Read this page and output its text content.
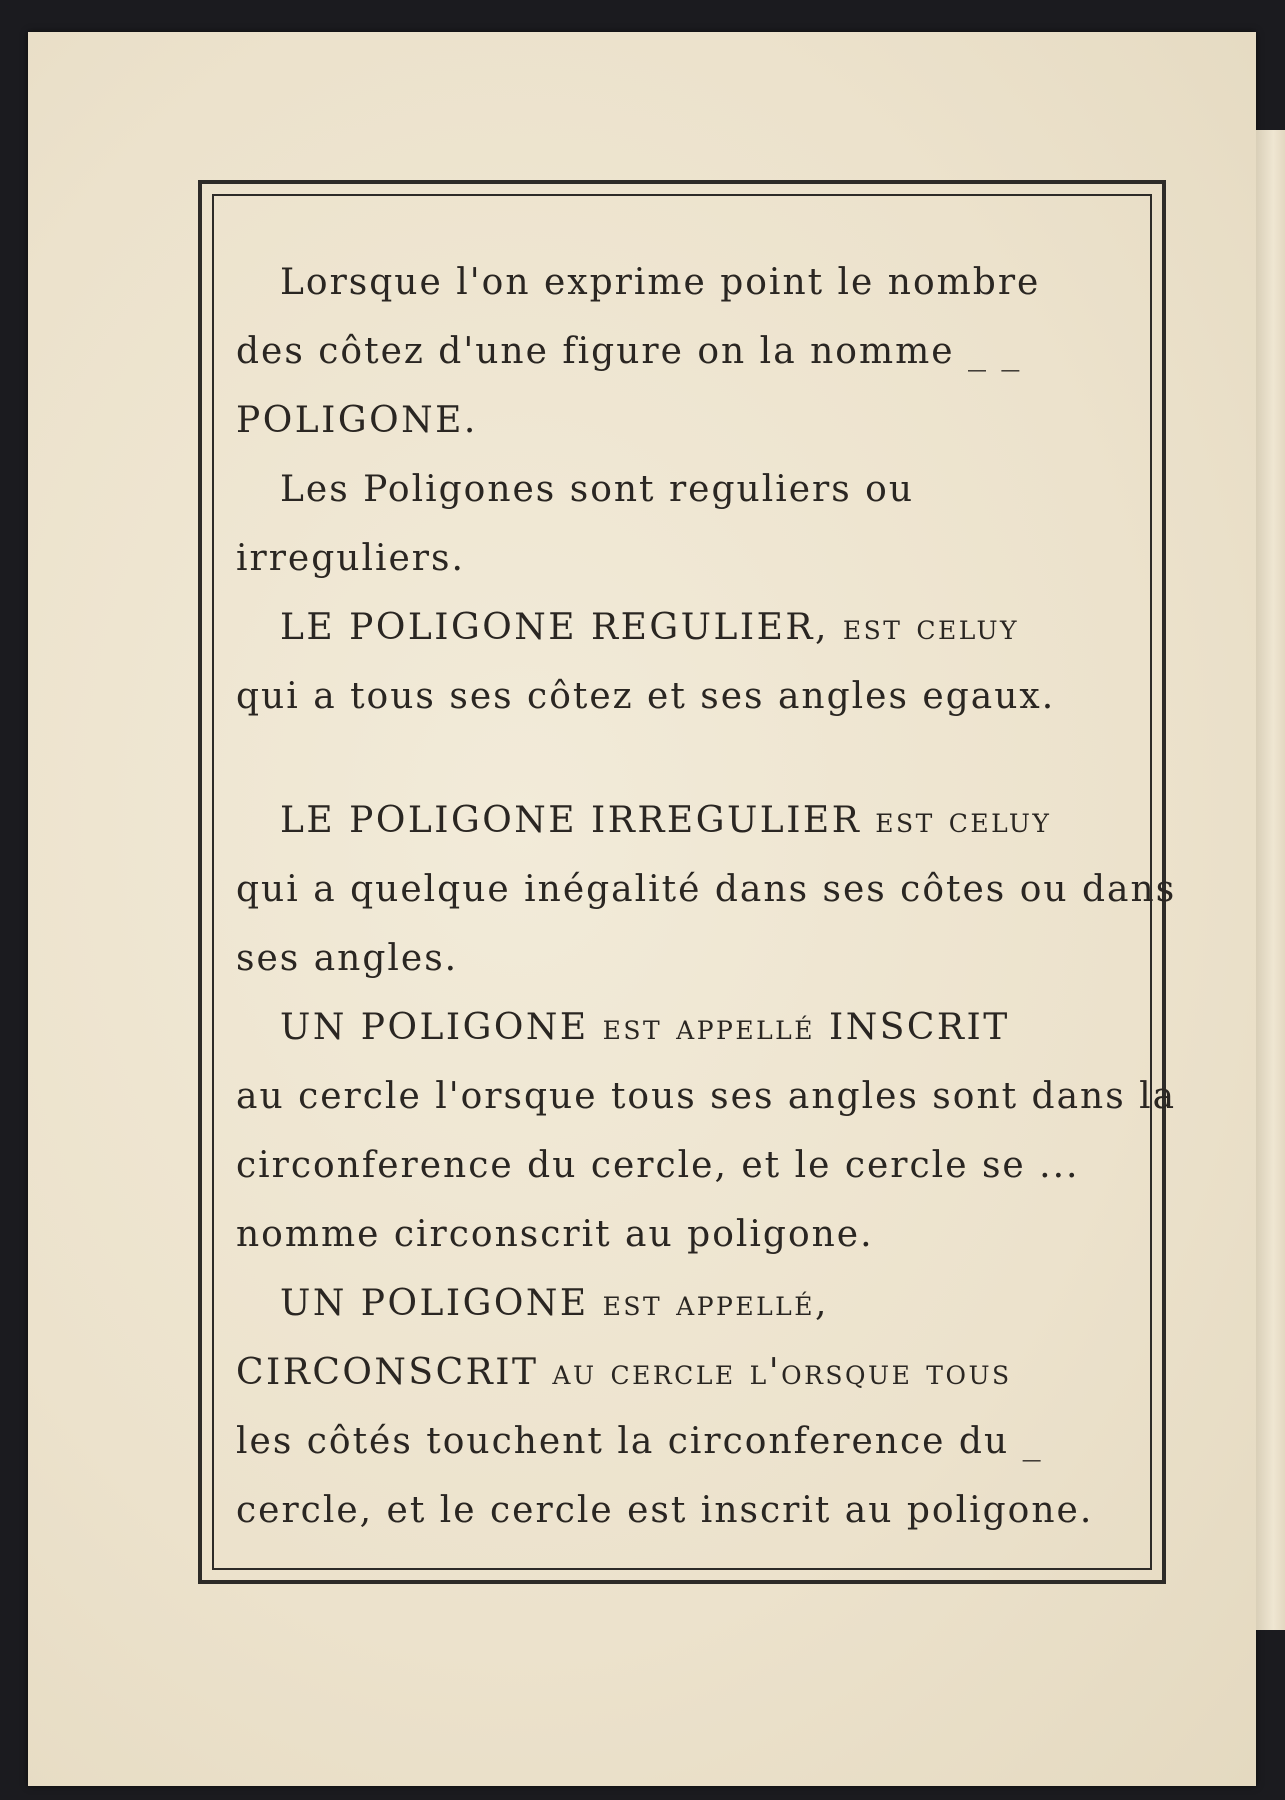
Lorsque l'on exprime point le nombre
des côtez d'une figure on la nomme _ _
POLIGONE.
Les Poligones sont reguliers ou
irreguliers.
LE POLIGONE REGULIER, est celuy
qui a tous ses côtez et ses angles egaux.
LE POLIGONE IRREGULIER est celuy
qui a quelque inégalité dans ses côtes ou dans
ses angles.
UN POLIGONE est appellé INSCRIT
au cercle l'orsque tous ses angles sont dans la
circonference du cercle, et le cercle se ...
nomme circonscrit au poligone.
UN POLIGONE est appellé,
CIRCONSCRIT au cercle l'orsque tous
les côtés touchent la circonference du _
cercle, et le cercle est inscrit au poligone.
